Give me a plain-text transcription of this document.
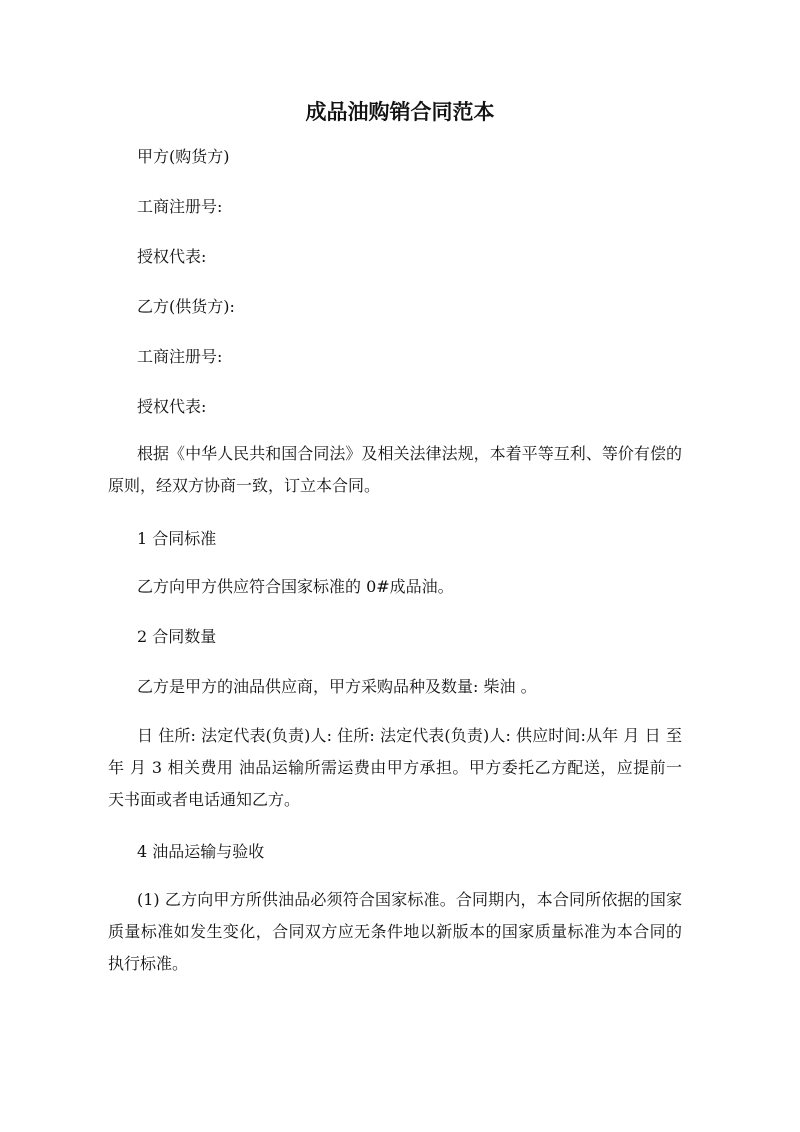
成品油购销合同范本

甲方(购货方)

工商注册号:

授权代表:

乙方(供货方):

工商注册号:

授权代表:

根据《中华人民共和国合同法》及相关法律法规，本着平等互利、等价有偿的原则，经双方协商一致，订立本合同。

1 合同标准

乙方向甲方供应符合国家标准的 0#成品油。

2 合同数量

乙方是甲方的油品供应商，甲方采购品种及数量: 柴油 。

日 住所: 法定代表(负责)人: 住所: 法定代表(负责)人: 供应时间:从年 月 日 至 年 月 3 相关费用 油品运输所需运费由甲方承担。甲方委托乙方配送，应提前一天书面或者电话通知乙方。

4 油品运输与验收

(1) 乙方向甲方所供油品必须符合国家标准。合同期内，本合同所依据的国家质量标准如发生变化，合同双方应无条件地以新版本的国家质量标准为本合同的执行标准。
